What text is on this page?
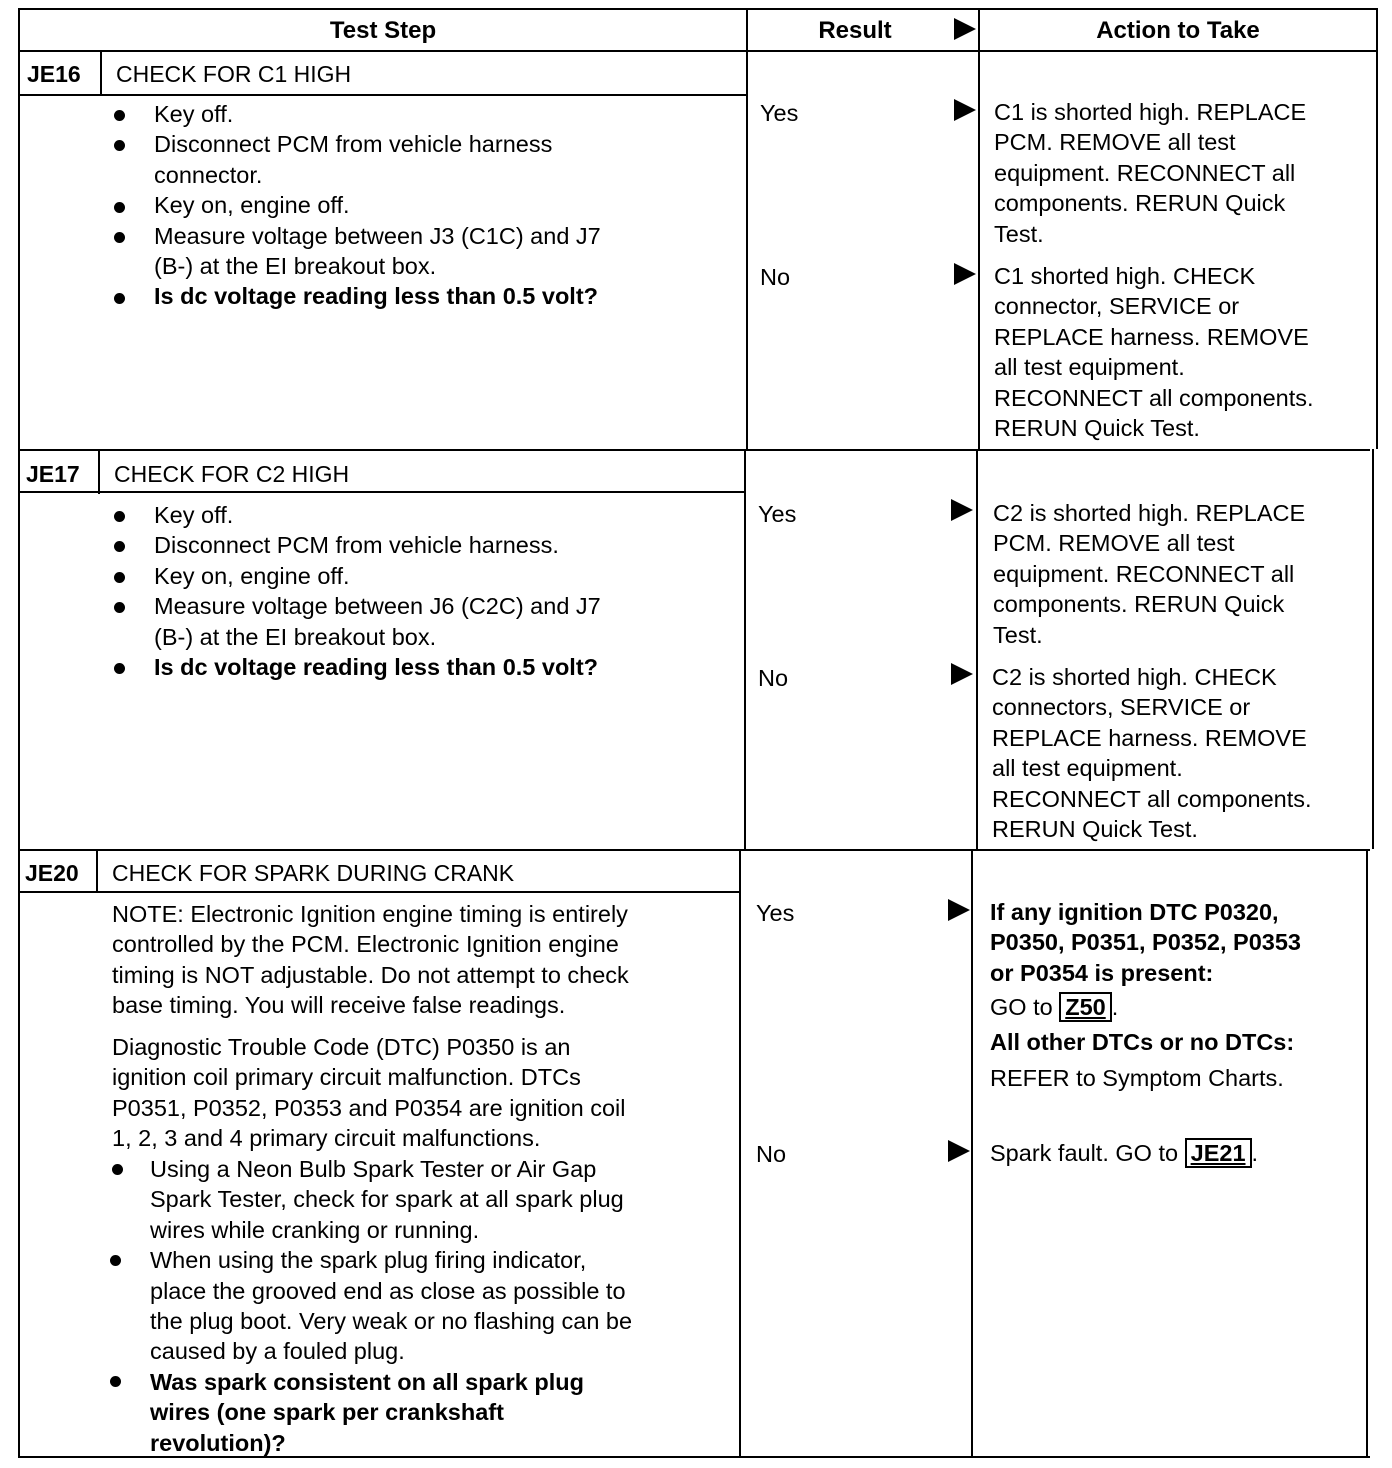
Test Step	Result	Action to Take
JE16 CHECK FOR C1 HIGH
Key off.
Disconnect PCM from vehicle harness
connector.
Key on, engine off.
Measure voltage between J3 (C1C) and J7
(B-) at the EI breakout box.
Is dc voltage reading less than 0.5 volt?
Yes
No
C1 is shorted high. REPLACE
PCM. REMOVE all test
equipment. RECONNECT all
components. RERUN Quick
Test.
C1 shorted high. CHECK
connector, SERVICE or
REPLACE harness. REMOVE
all test equipment.
RECONNECT all components.
RERUN Quick Test.
JE17 CHECK FOR C2 HIGH
Key off.
Disconnect PCM from vehicle harness.
Key on, engine off.
Measure voltage between J6 (C2C) and J7
(B-) at the EI breakout box.
Is dc voltage reading less than 0.5 volt?
Yes
No
C2 is shorted high. REPLACE
PCM. REMOVE all test
equipment. RECONNECT all
components. RERUN Quick
Test.
C2 is shorted high. CHECK
connectors, SERVICE or
REPLACE harness. REMOVE
all test equipment.
RECONNECT all components.
RERUN Quick Test.
JE20 CHECK FOR SPARK DURING CRANK
NOTE: Electronic Ignition engine timing is entirely
controlled by the PCM. Electronic Ignition engine
timing is NOT adjustable. Do not attempt to check
base timing. You will receive false readings.
Diagnostic Trouble Code (DTC) P0350 is an
ignition coil primary circuit malfunction. DTCs
P0351, P0352, P0353 and P0354 are ignition coil
1, 2, 3 and 4 primary circuit malfunctions.
Using a Neon Bulb Spark Tester or Air Gap
Spark Tester, check for spark at all spark plug
wires while cranking or running.
When using the spark plug firing indicator,
place the grooved end as close as possible to
the plug boot. Very weak or no flashing can be
caused by a fouled plug.
Was spark consistent on all spark plug
wires (one spark per crankshaft
revolution)?
Yes
No
If any ignition DTC P0320,
P0350, P0351, P0352, P0353
or P0354 is present:
GO to Z50 .
All other DTCs or no DTCs:
REFER to Symptom Charts.
Spark fault. GO to JE21 .
